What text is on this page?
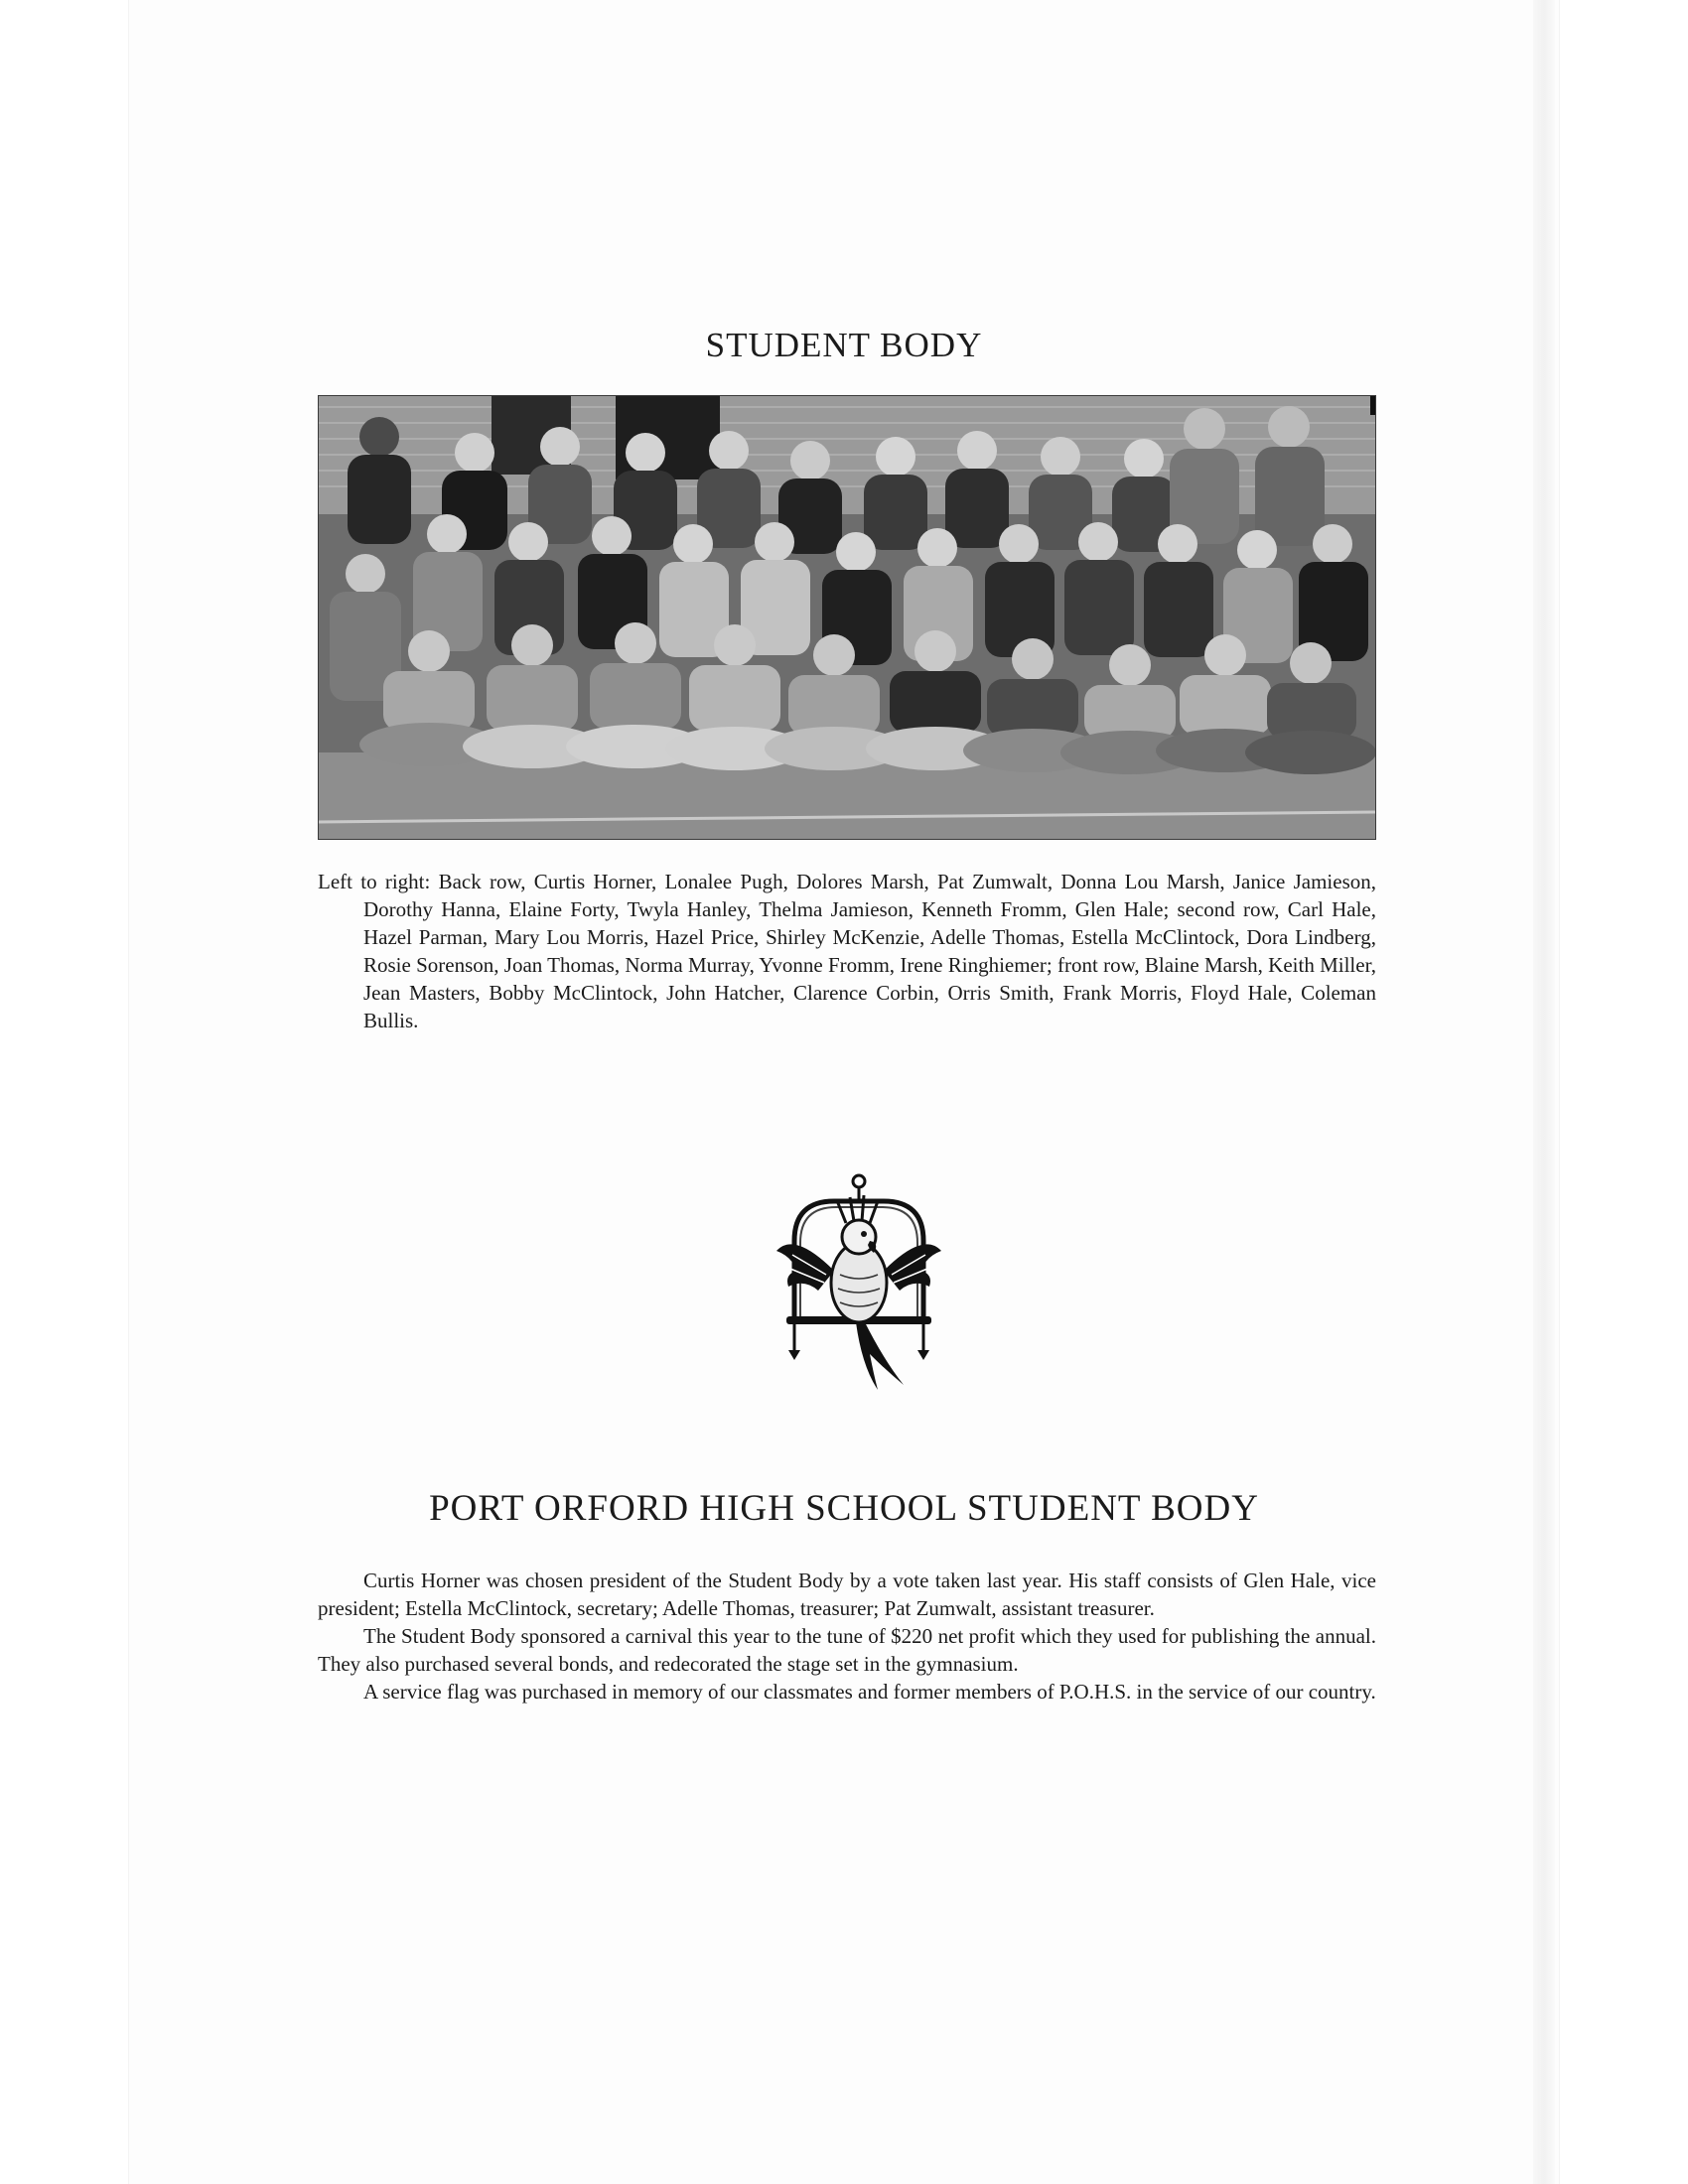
STUDENT BODY

Left to right: Back row, Curtis Horner, Lonalee Pugh, Dolores Marsh, Pat Zumwalt, Donna Lou Marsh, Janice Jamieson, Dorothy Hanna, Elaine Forty, Twyla Hanley, Thelma Jamieson, Kenneth Fromm, Glen Hale; second row, Carl Hale, Hazel Parman, Mary Lou Morris, Hazel Price, Shirley McKenzie, Adelle Thomas, Estella McClintock, Dora Lindberg, Rosie Sorenson, Joan Thomas, Norma Murray, Yvonne Fromm, Irene Ringhiemer; front row, Blaine Marsh, Keith Miller, Jean Masters, Bobby McClintock, John Hatcher, Clarence Corbin, Orris Smith, Frank Morris, Floyd Hale, Coleman Bullis.

PORT ORFORD HIGH SCHOOL STUDENT BODY

Curtis Horner was chosen president of the Student Body by a vote taken last year. His staff consists of Glen Hale, vice president; Estella McClintock, secretary; Adelle Thomas, treasurer; Pat Zumwalt, assistant treasurer.

The Student Body sponsored a carnival this year to the tune of $220 net profit which they used for publishing the annual. They also purchased several bonds, and redecorated the stage set in the gymnasium.

A service flag was purchased in memory of our classmates and former members of P.O.H.S. in the service of our country.
